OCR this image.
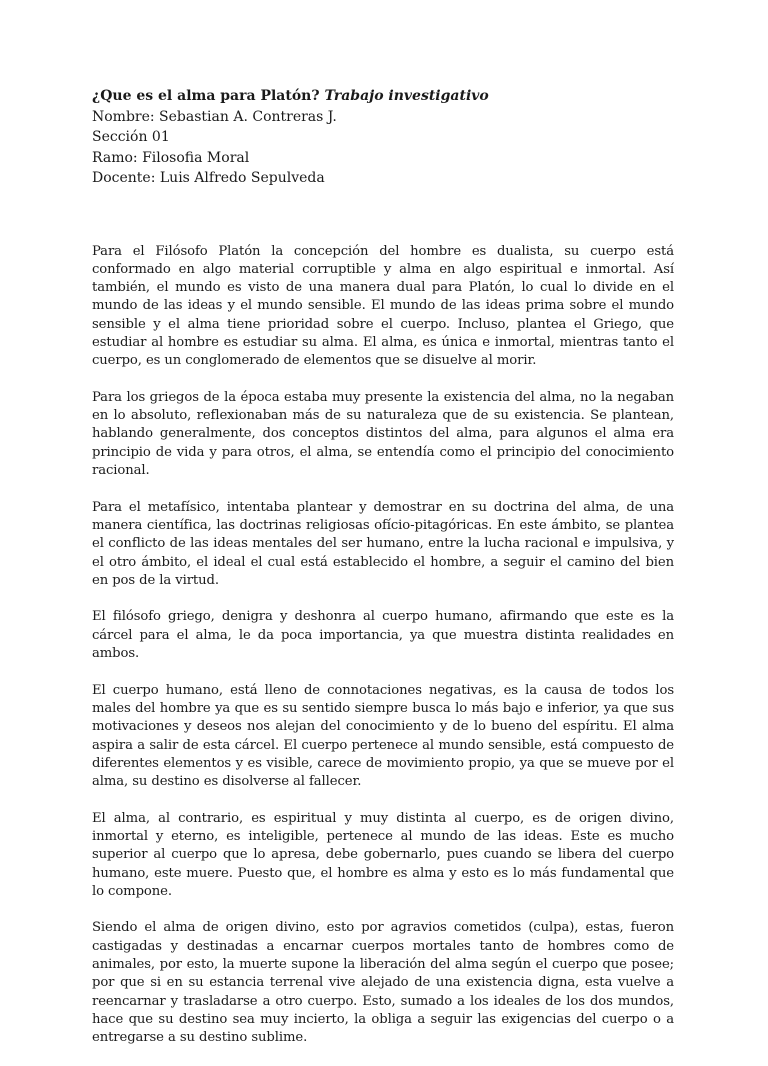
¿Que es el alma para Platón? Trabajo investigativo
Nombre: Sebastian A. Contreras J.
Sección 01
Ramo: Filosofia Moral
Docente: Luis Alfredo Sepulveda

Para el Filósofo Platón la concepción del hombre es dualista, su cuerpo está conformado en algo material corruptible y alma en algo espiritual e inmortal. Así también, el mundo es visto de una manera dual para Platón, lo cual lo divide en el mundo de las ideas y el mundo sensible. El mundo de las ideas prima sobre el mundo sensible y el alma tiene prioridad sobre el cuerpo. Incluso, plantea el Griego, que estudiar al hombre es estudiar su alma. El alma, es única e inmortal, mientras tanto el cuerpo, es un conglomerado de elementos que se disuelve al morir.

Para los griegos de la época estaba muy presente la existencia del alma, no la negaban en lo absoluto, reflexionaban más de su naturaleza que de su existencia. Se plantean, hablando generalmente, dos conceptos distintos del alma, para algunos el alma era principio de vida y para otros, el alma, se entendía como el principio del conocimiento racional.

Para el metafísico, intentaba plantear y demostrar en su doctrina del alma, de una manera científica, las doctrinas religiosas ofício-pitagóricas. En este ámbito, se plantea el conflicto de las ideas mentales del ser humano, entre la lucha racional e impulsiva, y el otro ámbito, el ideal el cual está establecido el hombre, a seguir el camino del bien en pos de la virtud.

El filósofo griego, denigra y deshonra al cuerpo humano, afirmando que este es la cárcel para el alma, le da poca importancia, ya que muestra distinta realidades en ambos.

El cuerpo humano, está lleno de connotaciones negativas, es la causa de todos los males del hombre ya que es su sentido siempre busca lo más bajo e inferior, ya que sus motivaciones y deseos nos alejan del conocimiento y de lo bueno del espíritu. El alma aspira a salir de esta cárcel. El cuerpo pertenece al mundo sensible, está compuesto de diferentes elementos y es visible, carece de movimiento propio, ya que se mueve por el alma, su destino es disolverse al fallecer.

El alma, al contrario, es espiritual y muy distinta al cuerpo, es de origen divino, inmortal y eterno, es inteligible, pertenece al mundo de las ideas. Este es mucho superior al cuerpo que lo apresa, debe gobernarlo, pues cuando se libera del cuerpo humano, este muere. Puesto que, el hombre es alma y esto es lo más fundamental que lo compone.

Siendo el alma de origen divino, esto por agravios cometidos (culpa), estas, fueron castigadas y destinadas a encarnar cuerpos mortales tanto de hombres como de animales, por esto, la muerte supone la liberación del alma según el cuerpo que posee; por que si en su estancia terrenal vive alejado de una existencia digna, esta vuelve a reencarnar y trasladarse a otro cuerpo. Esto, sumado a los ideales de los dos mundos, hace que su destino sea muy incierto, la obliga a seguir las exigencias del cuerpo o a entregarse a su destino sublime.
